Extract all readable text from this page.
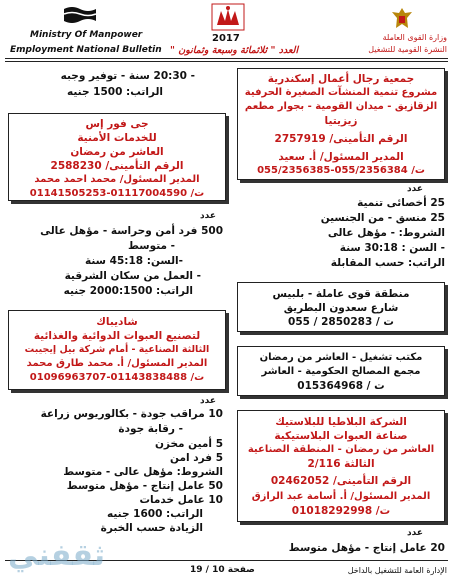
Ministry Of Manpower
Employment National Bulletin
2017	وزارة القوى العاملة
النشرة القومية للتشغيل
العدد " ثلاثمائة وسبعة وثمانون "
- 20:30 سنة - توفير وجبه
الراتب: 1500 جنيه
جمعية رجال أعمال إسكندرية
مشروع تنمية المنشآت الصغيرة الحرفية
الزقازيق - ميدان القومية - بجوار مطعم
زيزيتيا
الرقم التأمينى/ 2757919
المدير المسئول/ أ. سعيد
ت/ 055/2356384-055/2356385
جى فور إس
للخدمات الأمنية
العاشر من رمضان
الرقم التأمينى/ 2588230
المدير المسئول/ محمد احمد محمد
ت/ 01117004590-01141505253	عدد
25 أخصائى تنمية
25 منسق - من الجنسين
الشروط: - مؤهل عالى
- السن : 30:18 سنة
الراتب: حسب المقابلة
عدد
500 فرد أمن وحراسة - مؤهل عالى
- متوسط
-السن: 45:18 سنة
- العمل من سكان الشرقية
الراتب: 2000:1500 جنيه	منطقة قوى عاملة - بلبيس
شارع سعدون البطريق
ت / 2850283 / 055
شاديباك
لتصنيع العبوات الدوائية والغذائية
الثالثة الصناعية - أمام شركة بيل إيجيبت
المدير المسئول/ أ. محمد طارق محمد
ت/ 01143838488-01096963707
مكتب تشغيل - العاشر من رمضان
مجمع المصالح الحكومية - العاشر
ت / 015364968
عدد
10 مراقب جودة - بكالوريوس زراعة
- رقابة جودة
5 أمين مخزن
5 فرد امن
الشروط: مؤهل عالى - متوسط
50 عامل إنتاج - مؤهل متوسط
10 عامل خدمات
الراتب: 1600 جنيه
الزيادة حسب الخبرة
الشركة البلاطيا للبلاستيك
صناعة العبوات البلاستيكية
العاشر من رمضان - المنطقة الصناعية
الثالثة 2/116
الرقم التأمينى/ 02462052
المدير المسئول/ أ. أسامة عبد الرازق
ت/ 01018292998
عدد
20 عامل إنتاج - مؤهل متوسط
صفحة 10 / 19	الإدارة العامة للتشغيل بالداخل
ثقفني
